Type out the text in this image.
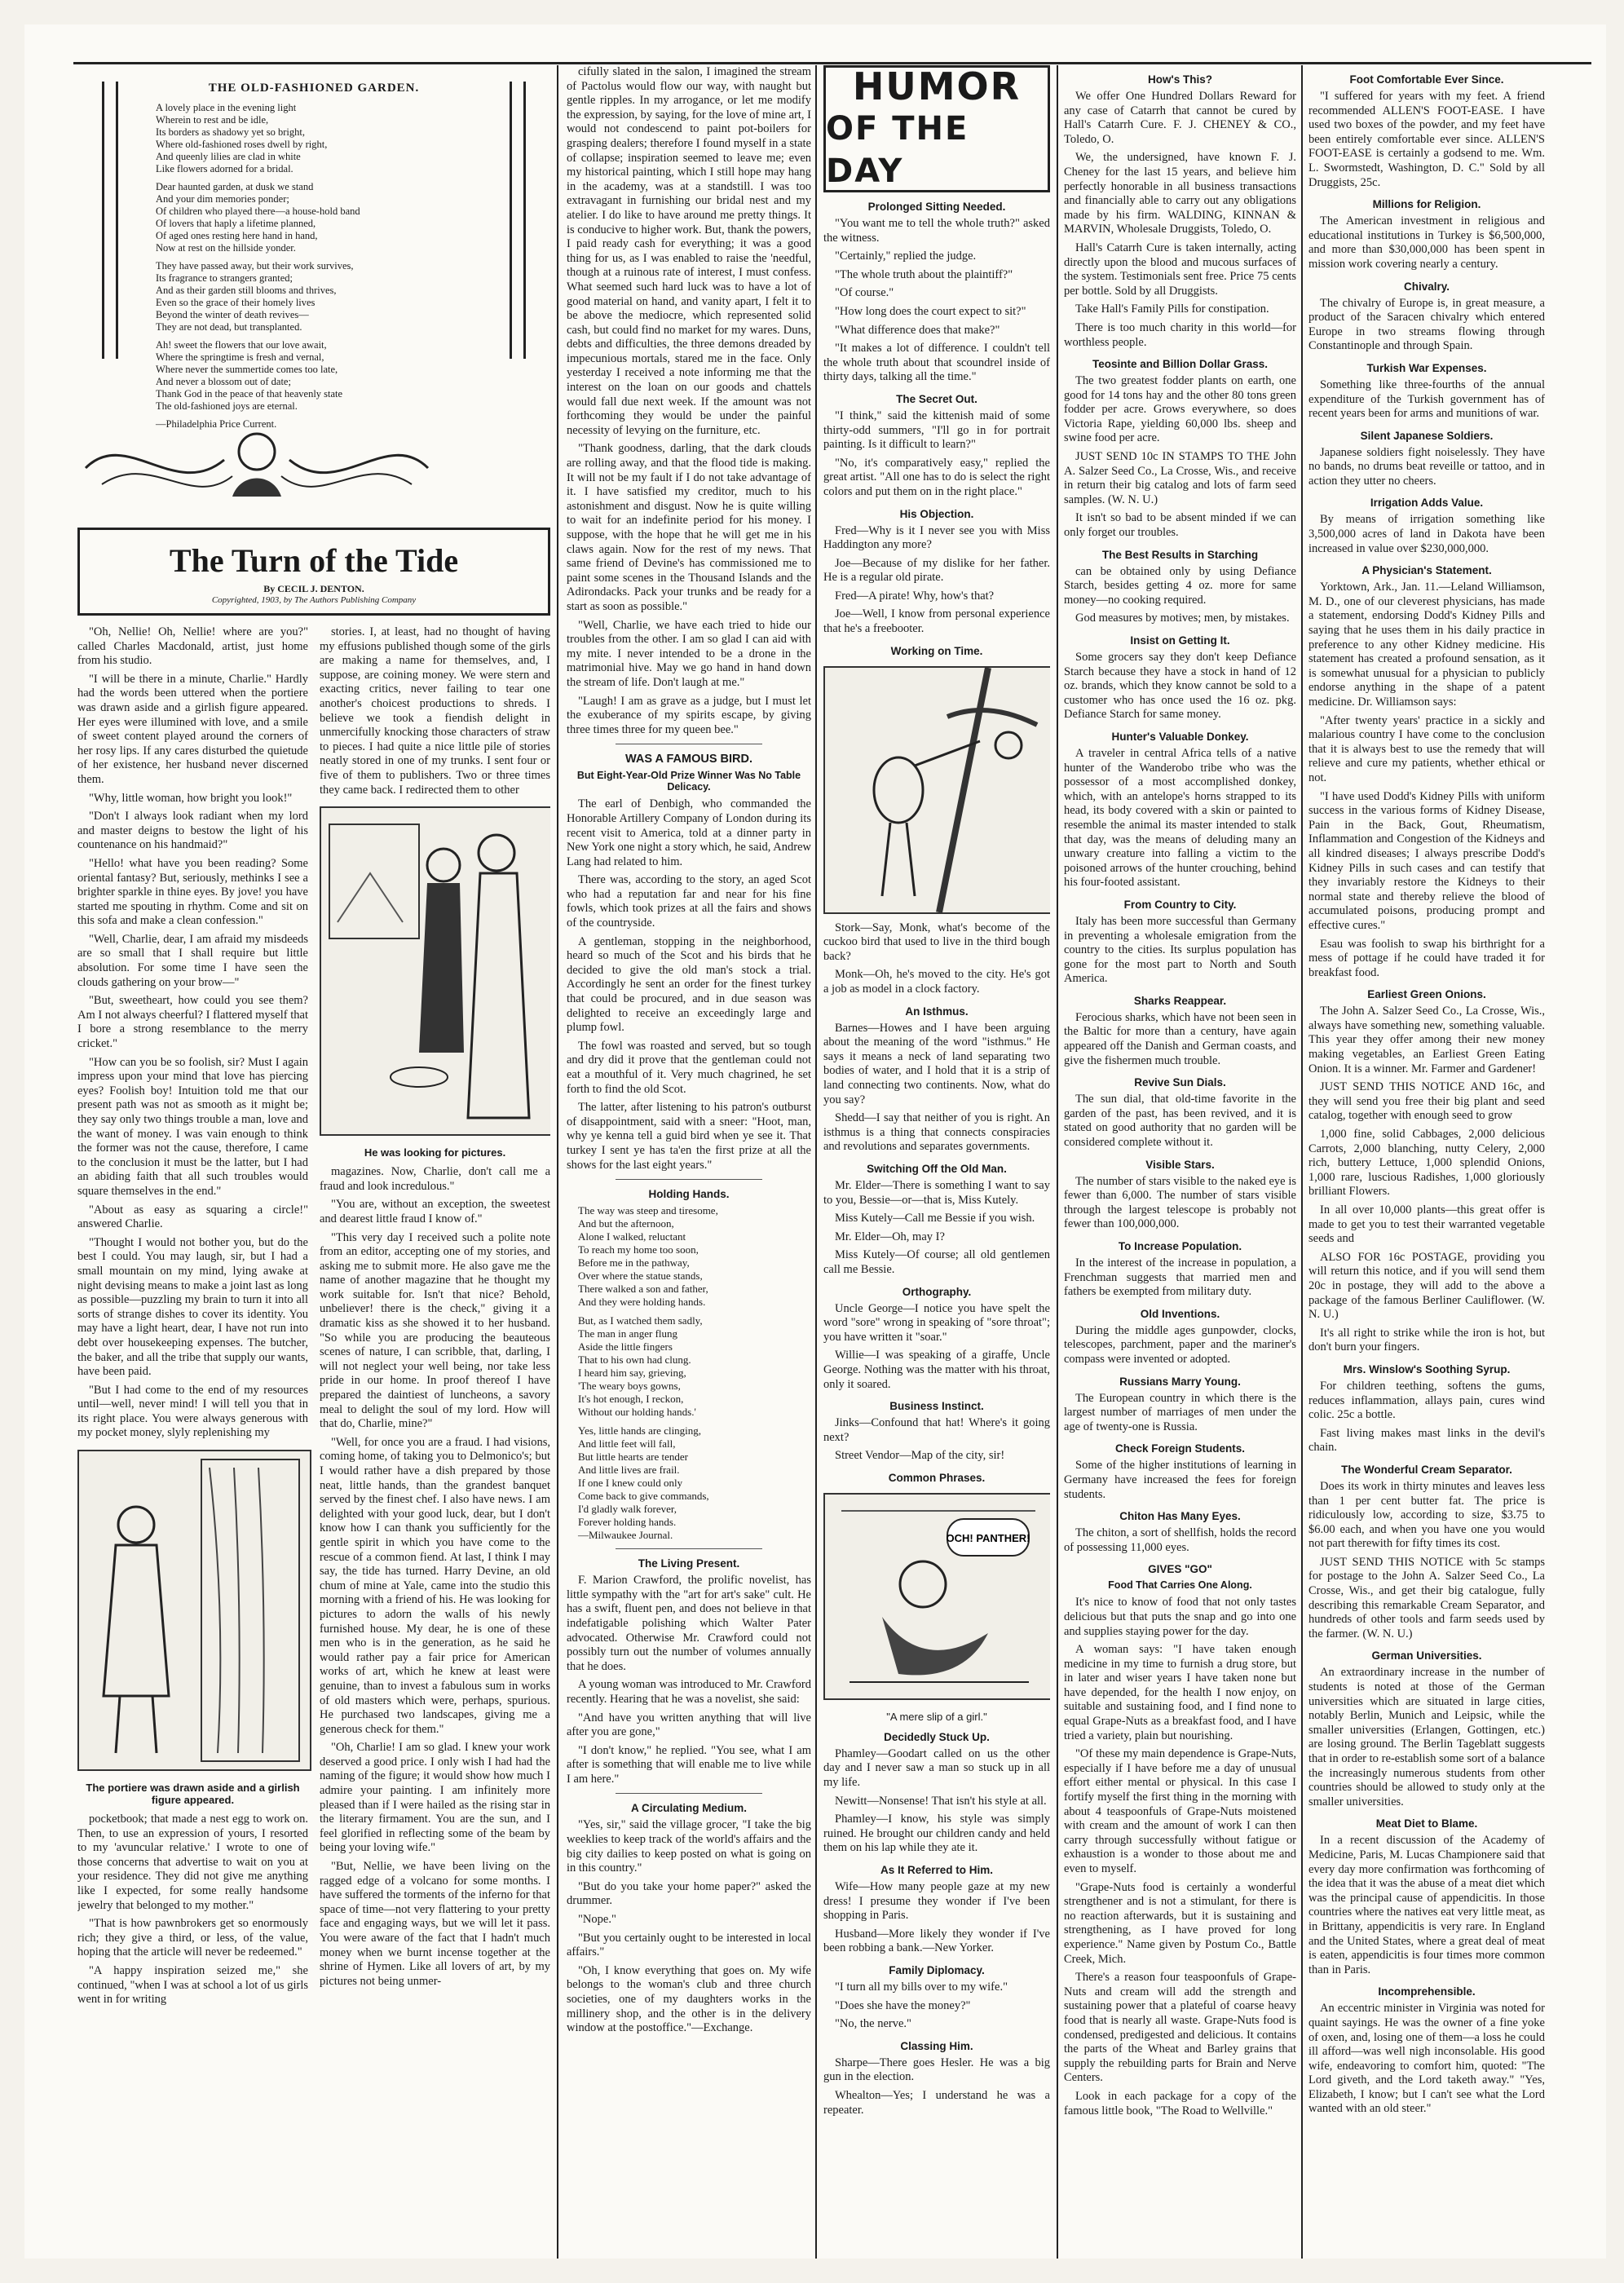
THE OLD-FASHIONED GARDEN.
A lovely place in the evening light
Wherein to rest and be idle,
Its borders as shadowy yet so bright,
Where old-fashioned roses dwell by right,
And queenly lilies are clad in white
Like flowers adorned for a bridal.
Dear haunted garden, at dusk we stand
And your dim memories ponder;
Of children who played there—a house-hold band
Of lovers that haply a lifetime planned,
Of aged ones resting here hand in hand,
Now at rest on the hillside yonder.
They have passed away, but their work survives,
Its fragrance to strangers granted;
And as their garden still blooms and thrives,
Even so the grace of their homely lives
Beyond the winter of death revives—
They are not dead, but transplanted.
Ah! sweet the flowers that our love await,
Where the springtime is fresh and vernal,
Where never the summertide comes too late,
And never a blossom out of date;
Thank God in the peace of that heavenly state
The old-fashioned joys are eternal.
—Philadelphia Price Current.
The Turn of the Tide
By CECIL J. DENTON.
Copyrighted, 1903, by The Authors Publishing Company

"Oh, Nellie! Oh, Nellie! where are you?" called Charles Macdonald, artist, just home from his studio.

"I will be there in a minute, Charlie." Hardly had the words been uttered when the portiere was drawn aside and a girlish figure appeared. Her eyes were illumined with love, and a smile of sweet content played around the corners of her rosy lips. If any cares disturbed the quietude of her existence, her husband never discerned them.

"Why, little woman, how bright you look!"

"Don't I always look radiant when my lord and master deigns to bestow the light of his countenance on his handmaid?"

"Hello! what have you been reading? Some oriental fantasy? But, seriously, methinks I see a brighter sparkle in thine eyes. By jove! you have started me spouting in rhythm. Come and sit on this sofa and make a clean confession."

"Well, Charlie, dear, I am afraid my misdeeds are so small that I shall require but little absolution. For some time I have seen the clouds gathering on your brow—"

"But, sweetheart, how could you see them? Am I not always cheerful? I flattered myself that I bore a strong resemblance to the merry cricket."

"How can you be so foolish, sir? Must I again impress upon your mind that love has piercing eyes? Foolish boy! Intuition told me that our present path was not as smooth as it might be; they say only two things trouble a man, love and the want of money. I was vain enough to think the former was not the cause, therefore, I came to the conclusion it must be the latter, but I had an abiding faith that all such troubles would square themselves in the end."

"About as easy as squaring a circle!" answered Charlie.

"Thought I would not bother you, but do the best I could. You may laugh, sir, but I had a small mountain on my mind, lying awake at night devising means to make a joint last as long as possible—puzzling my brain to turn it into all sorts of strange dishes to cover its identity. You may have a light heart, dear, I have not run into debt over housekeeping expenses. The butcher, the baker, and all the tribe that supply our wants, have been paid.

"But I had come to the end of my resources until—well, never mind! I will tell you that in its right place. You were always generous with my pocket money, slyly replenishing my

The portiere was drawn aside and a girlish figure appeared.

pocketbook; that made a nest egg to work on. Then, to use an expression of yours, I resorted to my 'avuncular relative.' I wrote to one of those concerns that advertise to wait on you at your residence. They did not give me anything like I expected, for some really handsome jewelry that belonged to my mother."

"That is how pawnbrokers get so enormously rich; they give a third, or less, of the value, hoping that the article will never be redeemed."

"A happy inspiration seized me," she continued, "when I was at school a lot of us girls went in for writing

stories. I, at least, had no thought of having my effusions published though some of the girls are making a name for themselves, and, I suppose, are coining money. We were stern and exacting critics, never failing to tear one another's choicest productions to shreds. I believe we took a fiendish delight in unmercifully knocking those characters of straw to pieces. I had quite a nice little pile of stories neatly stored in one of my trunks. I sent four or five of them to publishers. Two or three times they came back. I redirected them to other

He was looking for pictures.

magazines. Now, Charlie, don't call me a fraud and look incredulous."

"You are, without an exception, the sweetest and dearest little fraud I know of."

"This very day I received such a polite note from an editor, accepting one of my stories, and asking me to submit more. He also gave me the name of another magazine that he thought my work suitable for. Isn't that nice? Behold, unbeliever! there is the check," giving it a dramatic kiss as she showed it to her husband. "So while you are producing the beauteous scenes of nature, I can scribble, that, darling, I will not neglect your well being, nor take less pride in our home. In proof thereof I have prepared the daintiest of luncheons, a savory meal to delight the soul of my lord. How will that do, Charlie, mine?"

"Well, for once you are a fraud. I had visions, coming home, of taking you to Delmonico's; but I would rather have a dish prepared by those neat, little hands, than the grandest banquet served by the finest chef. I also have news. I am delighted with your good luck, dear, but I don't know how I can thank you sufficiently for the gentle spirit in which you have come to the rescue of a common fiend. At last, I think I may say, the tide has turned. Harry Devine, an old chum of mine at Yale, came into the studio this morning with a friend of his. He was looking for pictures to adorn the walls of his newly furnished house. My dear, he is one of these men who is in the generation, as he said he would rather pay a fair price for American works of art, which he knew at least were genuine, than to invest a fabulous sum in works of old masters which were, perhaps, spurious. He purchased two landscapes, giving me a generous check for them."

"Oh, Charlie! I am so glad. I knew your work deserved a good price. I only wish I had had the naming of the figure; it would show how much I admire your painting. I am infinitely more pleased than if I were hailed as the rising star in the literary firmament. You are the sun, and I feel glorified in reflecting some of the beam by being your loving wife."

"But, Nellie, we have been living on the ragged edge of a volcano for some months. I have suffered the torments of the inferno for that space of time—not very flattering to your pretty face and engaging ways, but we will let it pass. You were aware of the fact that I hadn't much money when we burnt incense together at the shrine of Hymen. Like all lovers of art, by my pictures not being unmer-

cifully slated in the salon, I imagined the stream of Pactolus would flow our way, with naught but gentle ripples. In my arrogance, or let me modify the expression, by saying, for the love of mine art, I would not condescend to paint pot-boilers for grasping dealers; therefore I found myself in a state of collapse; inspiration seemed to leave me; even my historical painting, which I still hope may hang in the academy, was at a standstill. I was too extravagant in furnishing our bridal nest and my atelier. I do like to have around me pretty things. It is conducive to higher work. But, thank the powers, I paid ready cash for everything; it was a good thing for us, as I was enabled to raise the 'needful, though at a ruinous rate of interest, I must confess. What seemed such hard luck was to have a lot of good material on hand, and vanity apart, I felt it to be above the mediocre, which represented solid cash, but could find no market for my wares. Duns, debts and difficulties, the three demons dreaded by impecunious mortals, stared me in the face. Only yesterday I received a note informing me that the interest on the loan on our goods and chattels would fall due next week. If the amount was not forthcoming they would be under the painful necessity of levying on the furniture, etc.

"Thank goodness, darling, that the dark clouds are rolling away, and that the flood tide is making. It will not be my fault if I do not take advantage of it. I have satisfied my creditor, much to his astonishment and disgust. Now he is quite willing to wait for an indefinite period for his money. I suppose, with the hope that he will get me in his claws again. Now for the rest of my news. That same friend of Devine's has commissioned me to paint some scenes in the Thousand Islands and the Adirondacks. Pack your trunks and be ready for a start as soon as possible."

"Well, Charlie, we have each tried to hide our troubles from the other. I am so glad I can aid with my mite. I never intended to be a drone in the matrimonial hive. May we go hand in hand down the stream of life. Don't laugh at me."

"Laugh! I am as grave as a judge, but I must let the exuberance of my spirits escape, by giving three times three for my queen bee."

WAS A FAMOUS BIRD.
But Eight-Year-Old Prize Winner Was No Table Delicacy.

The earl of Denbigh, who commanded the Honorable Artillery Company of London during its recent visit to America, told at a dinner party in New York one night a story which, he said, Andrew Lang had related to him.

There was, according to the story, an aged Scot who had a reputation far and near for his fine fowls, which took prizes at all the fairs and shows of the countryside.

A gentleman, stopping in the neighborhood, heard so much of the Scot and his birds that he decided to give the old man's stock a trial. Accordingly he sent an order for the finest turkey that could be procured, and in due season was delighted to receive an exceedingly large and plump fowl.

The fowl was roasted and served, but so tough and dry did it prove that the gentleman could not eat a mouthful of it. Very much chagrined, he set forth to find the old Scot.

The latter, after listening to his patron's outburst of disappointment, said with a sneer: "Hoot, man, why ye kenna tell a guid bird when ye see it. That turkey I sent ye has ta'en the first prize at all the shows for the last eight years."

Holding Hands.
The way was steep and tiresome,
And but the afternoon,
Alone I walked, reluctant
To reach my home too soon,
Before me in the pathway,
Over where the statue stands,
There walked a son and father,
And they were holding hands.
But, as I watched them sadly,
The man in anger flung
Aside the little fingers
That to his own had clung.
I heard him say, grieving,
'The weary boys gowns,
It's hot enough, I reckon,
Without our holding hands.'
Yes, little hands are clinging,
And little feet will fall,
But little hearts are tender
And little lives are frail.
If one I knew could only
Come back to give commands,
I'd gladly walk forever,
Forever holding hands.
—Milwaukee Journal.
The Living Present.

F. Marion Crawford, the prolific novelist, has little sympathy with the "art for art's sake" cult. He has a swift, fluent pen, and does not believe in that indefatigable polishing which Walter Pater advocated. Otherwise Mr. Crawford could not possibly turn out the number of volumes annually that he does.

A young woman was introduced to Mr. Crawford recently. Hearing that he was a novelist, she said:

"And have you written anything that will live after you are gone,"

"I don't know," he replied. "You see, what I am after is something that will enable me to live while I am here."

A Circulating Medium.

"Yes, sir," said the village grocer, "I take the big weeklies to keep track of the world's affairs and the big city dailies to keep posted on what is going on in this country."

"But do you take your home paper?" asked the drummer.

"Nope."

"But you certainly ought to be interested in local affairs."

"Oh, I know everything that goes on. My wife belongs to the woman's club and three church societies, one of my daughters works in the millinery shop, and the other is in the delivery window at the postoffice."—Exchange.

HUMOR
OF THE DAY
Prolonged Sitting Needed.

"You want me to tell the whole truth?" asked the witness.

"Certainly," replied the judge.

"The whole truth about the plaintiff?"

"Of course."

"How long does the court expect to sit?"

"What difference does that make?"

"It makes a lot of difference. I couldn't tell the whole truth about that scoundrel inside of thirty days, talking all the time."

The Secret Out.

"I think," said the kittenish maid of some thirty-odd summers, "I'll go in for portrait painting. Is it difficult to learn?"

"No, it's comparatively easy," replied the great artist. "All one has to do is select the right colors and put them on in the right place."

His Objection.

Fred—Why is it I never see you with Miss Haddington any more?

Joe—Because of my dislike for her father. He is a regular old pirate.

Fred—A pirate! Why, how's that?

Joe—Well, I know from personal experience that he's a freebooter.

Working on Time.

Stork—Say, Monk, what's become of the cuckoo bird that used to live in the third bough back?

Monk—Oh, he's moved to the city. He's got a job as model in a clock factory.

An Isthmus.

Barnes—Howes and I have been arguing about the meaning of the word "isthmus." He says it means a neck of land separating two bodies of water, and I hold that it is a strip of land connecting two continents. Now, what do you say?

Shedd—I say that neither of you is right. An isthmus is a thing that connects conspiracies and revolutions and separates governments.

Switching Off the Old Man.

Mr. Elder—There is something I want to say to you, Bessie—or—that is, Miss Kutely.

Miss Kutely—Call me Bessie if you wish.

Mr. Elder—Oh, may I?

Miss Kutely—Of course; all old gentlemen call me Bessie.

Orthography.

Uncle George—I notice you have spelt the word "sore" wrong in speaking of "sore throat"; you have written it "soar."

Willie—I was speaking of a giraffe, Uncle George. Nothing was the matter with his throat, only it soared.

Business Instinct.

Jinks—Confound that hat! Where's it going next?

Street Vendor—Map of the city, sir!

Common Phrases.
OCH! PANTHER!
"A mere slip of a girl."
Decidedly Stuck Up.

Phamley—Goodart called on us the other day and I never saw a man so stuck up in all my life.

Newitt—Nonsense! That isn't his style at all.

Phamley—I know, his style was simply ruined. He brought our children candy and held them on his lap while they ate it.

As It Referred to Him.

Wife—How many people gaze at my new dress! I presume they wonder if I've been shopping in Paris.

Husband—More likely they wonder if I've been robbing a bank.—New Yorker.

Family Diplomacy.

"I turn all my bills over to my wife."

"Does she have the money?"

"No, the nerve."

Classing Him.

Sharpe—There goes Hesler. He was a big gun in the election.

Whealton—Yes; I understand he was a repeater.

How's This?

We offer One Hundred Dollars Reward for any case of Catarrh that cannot be cured by Hall's Catarrh Cure. F. J. CHENEY & CO., Toledo, O.

We, the undersigned, have known F. J. Cheney for the last 15 years, and believe him perfectly honorable in all business transactions and financially able to carry out any obligations made by his firm. WALDING, KINNAN & MARVIN, Wholesale Druggists, Toledo, O.

Hall's Catarrh Cure is taken internally, acting directly upon the blood and mucous surfaces of the system. Testimonials sent free. Price 75 cents per bottle. Sold by all Druggists.

Take Hall's Family Pills for constipation.

There is too much charity in this world—for worthless people.

Teosinte and Billion Dollar Grass.

The two greatest fodder plants on earth, one good for 14 tons hay and the other 80 tons green fodder per acre. Grows everywhere, so does Victoria Rape, yielding 60,000 lbs. sheep and swine food per acre.

JUST SEND 10c IN STAMPS TO THE John A. Salzer Seed Co., La Crosse, Wis., and receive in return their big catalog and lots of farm seed samples. (W. N. U.)

It isn't so bad to be absent minded if we can only forget our troubles.

The Best Results in Starching

can be obtained only by using Defiance Starch, besides getting 4 oz. more for same money—no cooking required.

God measures by motives; men, by mistakes.

Insist on Getting It.

Some grocers say they don't keep Defiance Starch because they have a stock in hand of 12 oz. brands, which they know cannot be sold to a customer who has once used the 16 oz. pkg. Defiance Starch for same money.

Hunter's Valuable Donkey.

A traveler in central Africa tells of a native hunter of the Wanderobo tribe who was the possessor of a most accomplished donkey, which, with an antelope's horns strapped to its head, its body covered with a skin or painted to resemble the animal its master intended to stalk that day, was the means of deluding many an unwary creature into falling a victim to the poisoned arrows of the hunter crouching, behind his four-footed assistant.

From Country to City.

Italy has been more successful than Germany in preventing a wholesale emigration from the country to the cities. Its surplus population has gone for the most part to North and South America.

Sharks Reappear.

Ferocious sharks, which have not been seen in the Baltic for more than a century, have again appeared off the Danish and German coasts, and give the fishermen much trouble.

Revive Sun Dials.

The sun dial, that old-time favorite in the garden of the past, has been revived, and it is stated on good authority that no garden will be considered complete without it.

Visible Stars.

The number of stars visible to the naked eye is fewer than 6,000. The number of stars visible through the largest telescope is probably not fewer than 100,000,000.

To Increase Population.

In the interest of the increase in population, a Frenchman suggests that married men and fathers be exempted from military duty.

Old Inventions.

During the middle ages gunpowder, clocks, telescopes, parchment, paper and the mariner's compass were invented or adopted.

Russians Marry Young.

The European country in which there is the largest number of marriages of men under the age of twenty-one is Russia.

Check Foreign Students.

Some of the higher institutions of learning in Germany have increased the fees for foreign students.

Chiton Has Many Eyes.

The chiton, a sort of shellfish, holds the record of possessing 11,000 eyes.

GIVES "GO"
Food That Carries One Along.

It's nice to know of food that not only tastes delicious but that puts the snap and go into one and supplies staying power for the day.

A woman says: "I have taken enough medicine in my time to furnish a drug store, but in later and wiser years I have taken none but have depended, for the health I now enjoy, on suitable and sustaining food, and I find none to equal Grape-Nuts as a breakfast food, and I have tried a variety, plain but nourishing.

"Of these my main dependence is Grape-Nuts, especially if I have before me a day of unusual effort either mental or physical. In this case I fortify myself the first thing in the morning with about 4 teaspoonfuls of Grape-Nuts moistened with cream and the amount of work I can then carry through successfully without fatigue or exhaustion is a wonder to those about me and even to myself.

"Grape-Nuts food is certainly a wonderful strengthener and is not a stimulant, for there is no reaction afterwards, but it is sustaining and strengthening, as I have proved for long experience." Name given by Postum Co., Battle Creek, Mich.

There's a reason four teaspoonfuls of Grape-Nuts and cream will add the strength and sustaining power that a plateful of coarse heavy food that is nearly all waste. Grape-Nuts food is condensed, predigested and delicious. It contains the parts of the Wheat and Barley grains that supply the rebuilding parts for Brain and Nerve Centers.

Look in each package for a copy of the famous little book, "The Road to Wellville."

Foot Comfortable Ever Since.

"I suffered for years with my feet. A friend recommended ALLEN'S FOOT-EASE. I have used two boxes of the powder, and my feet have been entirely comfortable ever since. ALLEN'S FOOT-EASE is certainly a godsend to me. Wm. L. Swormstedt, Washington, D. C." Sold by all Druggists, 25c.

Millions for Religion.

The American investment in religious and educational institutions in Turkey is $6,500,000, and more than $30,000,000 has been spent in mission work covering nearly a century.

Chivalry.

The chivalry of Europe is, in great measure, a product of the Saracen chivalry which entered Europe in two streams flowing through Constantinople and through Spain.

Turkish War Expenses.

Something like three-fourths of the annual expenditure of the Turkish government has of recent years been for arms and munitions of war.

Silent Japanese Soldiers.

Japanese soldiers fight noiselessly. They have no bands, no drums beat reveille or tattoo, and in action they utter no cheers.

Irrigation Adds Value.

By means of irrigation something like 3,500,000 acres of land in Dakota have been increased in value over $230,000,000.

A Physician's Statement.

Yorktown, Ark., Jan. 11.—Leland Williamson, M. D., one of our cleverest physicians, has made a statement, endorsing Dodd's Kidney Pills and saying that he uses them in his daily practice in preference to any other Kidney medicine. His statement has created a profound sensation, as it is somewhat unusual for a physician to publicly endorse anything in the shape of a patent medicine. Dr. Williamson says:

"After twenty years' practice in a sickly and malarious country I have come to the conclusion that it is always best to use the remedy that will relieve and cure my patients, whether ethical or not.

"I have used Dodd's Kidney Pills with uniform success in the various forms of Kidney Disease, Pain in the Back, Gout, Rheumatism, Inflammation and Congestion of the Kidneys and all kindred diseases; I always prescribe Dodd's Kidney Pills in such cases and can testify that they invariably restore the Kidneys to their normal state and thereby relieve the blood of accumulated poisons, producing prompt and effective cures."

Esau was foolish to swap his birthright for a mess of pottage if he could have traded it for breakfast food.

Earliest Green Onions.

The John A. Salzer Seed Co., La Crosse, Wis., always have something new, something valuable. This year they offer among their new money making vegetables, an Earliest Green Eating Onion. It is a winner. Mr. Farmer and Gardener!

JUST SEND THIS NOTICE AND 16c, and they will send you free their big plant and seed catalog, together with enough seed to grow

1,000 fine, solid Cabbages, 2,000 delicious Carrots, 2,000 blanching, nutty Celery, 2,000 rich, buttery Lettuce, 1,000 splendid Onions, 1,000 rare, luscious Radishes, 1,000 gloriously brilliant Flowers.

In all over 10,000 plants—this great offer is made to get you to test their warranted vegetable seeds and

ALSO FOR 16c POSTAGE, providing you will return this notice, and if you will send them 20c in postage, they will add to the above a package of the famous Berliner Cauliflower. (W. N. U.)

It's all right to strike while the iron is hot, but don't burn your fingers.

Mrs. Winslow's Soothing Syrup.

For children teething, softens the gums, reduces inflammation, allays pain, cures wind colic. 25c a bottle.

Fast living makes mast links in the devil's chain.

The Wonderful Cream Separator.

Does its work in thirty minutes and leaves less than 1 per cent butter fat. The price is ridiculously low, according to size, $3.75 to $6.00 each, and when you have one you would not part therewith for fifty times its cost.

JUST SEND THIS NOTICE with 5c stamps for postage to the John A. Salzer Seed Co., La Crosse, Wis., and get their big catalogue, fully describing this remarkable Cream Separator, and hundreds of other tools and farm seeds used by the farmer. (W. N. U.)

German Universities.

An extraordinary increase in the number of students is noted at those of the German universities which are situated in large cities, notably Berlin, Munich and Leipsic, while the smaller universities (Erlangen, Gottingen, etc.) are losing ground. The Berlin Tageblatt suggests that in order to re-establish some sort of a balance the increasingly numerous students from other countries should be allowed to study only at the smaller universities.

Meat Diet to Blame.

In a recent discussion of the Academy of Medicine, Paris, M. Lucas Championere said that every day more confirmation was forthcoming of the idea that it was the abuse of a meat diet which was the principal cause of appendicitis. In those countries where the natives eat very little meat, as in Brittany, appendicitis is very rare. In England and the United States, where a great deal of meat is eaten, appendicitis is four times more common than in Paris.

Incomprehensible.

An eccentric minister in Virginia was noted for quaint sayings. He was the owner of a fine yoke of oxen, and, losing one of them—a loss he could ill afford—was well nigh inconsolable. His good wife, endeavoring to comfort him, quoted: "The Lord giveth, and the Lord taketh away." "Yes, Elizabeth, I know; but I can't see what the Lord wanted with an old steer."
